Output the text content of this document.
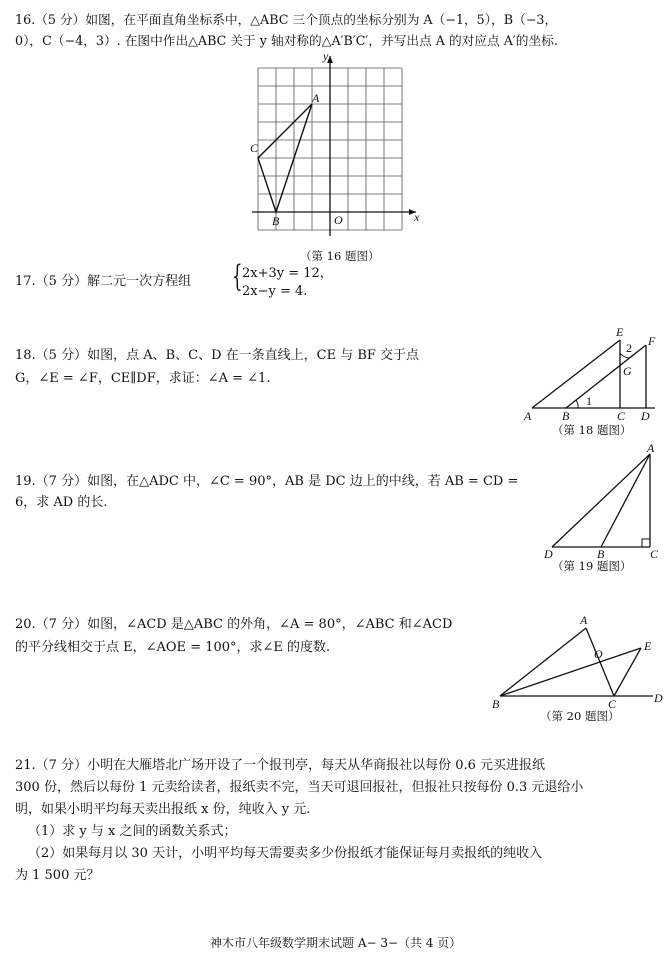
16.（5 分）如图，在平面直角坐标系中，△ABC 三个顶点的坐标分别为 A（−1，5），B（−3，
0），C（−4，3）. 在图中作出△ABC 关于 y 轴对称的△A′B′C′，并写出点 A 的对应点 A′的坐标.
y
x
A
B
C
O
（第 16 题图）
17.（5 分）解二元一次方程组 { 2x+3y = 12，
2x−y = 4.
18.（5 分）如图，点 A、B、C、D 在一条直线上，CE 与 BF 交于点
G，∠E = ∠F，CE∥DF，求证：∠A = ∠1.
A	B	C D
E
F
G
1
2
（第 18 题图）
19.（7 分）如图，在△ADC 中，∠C = 90°，AB 是 DC 边上的中线，若 AB = CD =
6，求 AD 的长.
A
B	C
D
（第 19 题图）
20.（7 分）如图，∠ACD 是△ABC 的外角，∠A = 80°，∠ABC 和∠ACD
的平分线相交于点 E，∠AOE = 100°，求∠E 的度数.
A
B	C	D
E
O
（第 20 题图）
21.（7 分）小明在大雁塔北广场开设了一个报刊亭，每天从华商报社以每份 0.6 元买进报纸
300 份，然后以每份 1 元卖给读者，报纸卖不完，当天可退回报社，但报社只按每份 0.3 元退给小
明，如果小明平均每天卖出报纸 x 份，纯收入 y 元.
（1）求 y 与 x 之间的函数关系式；
（2）如果每月以 30 天计，小明平均每天需要卖多少份报纸才能保证每月卖报纸的纯收入
为 1 500 元？
神木市八年级数学期末试题 A− 3−（共 4 页）
